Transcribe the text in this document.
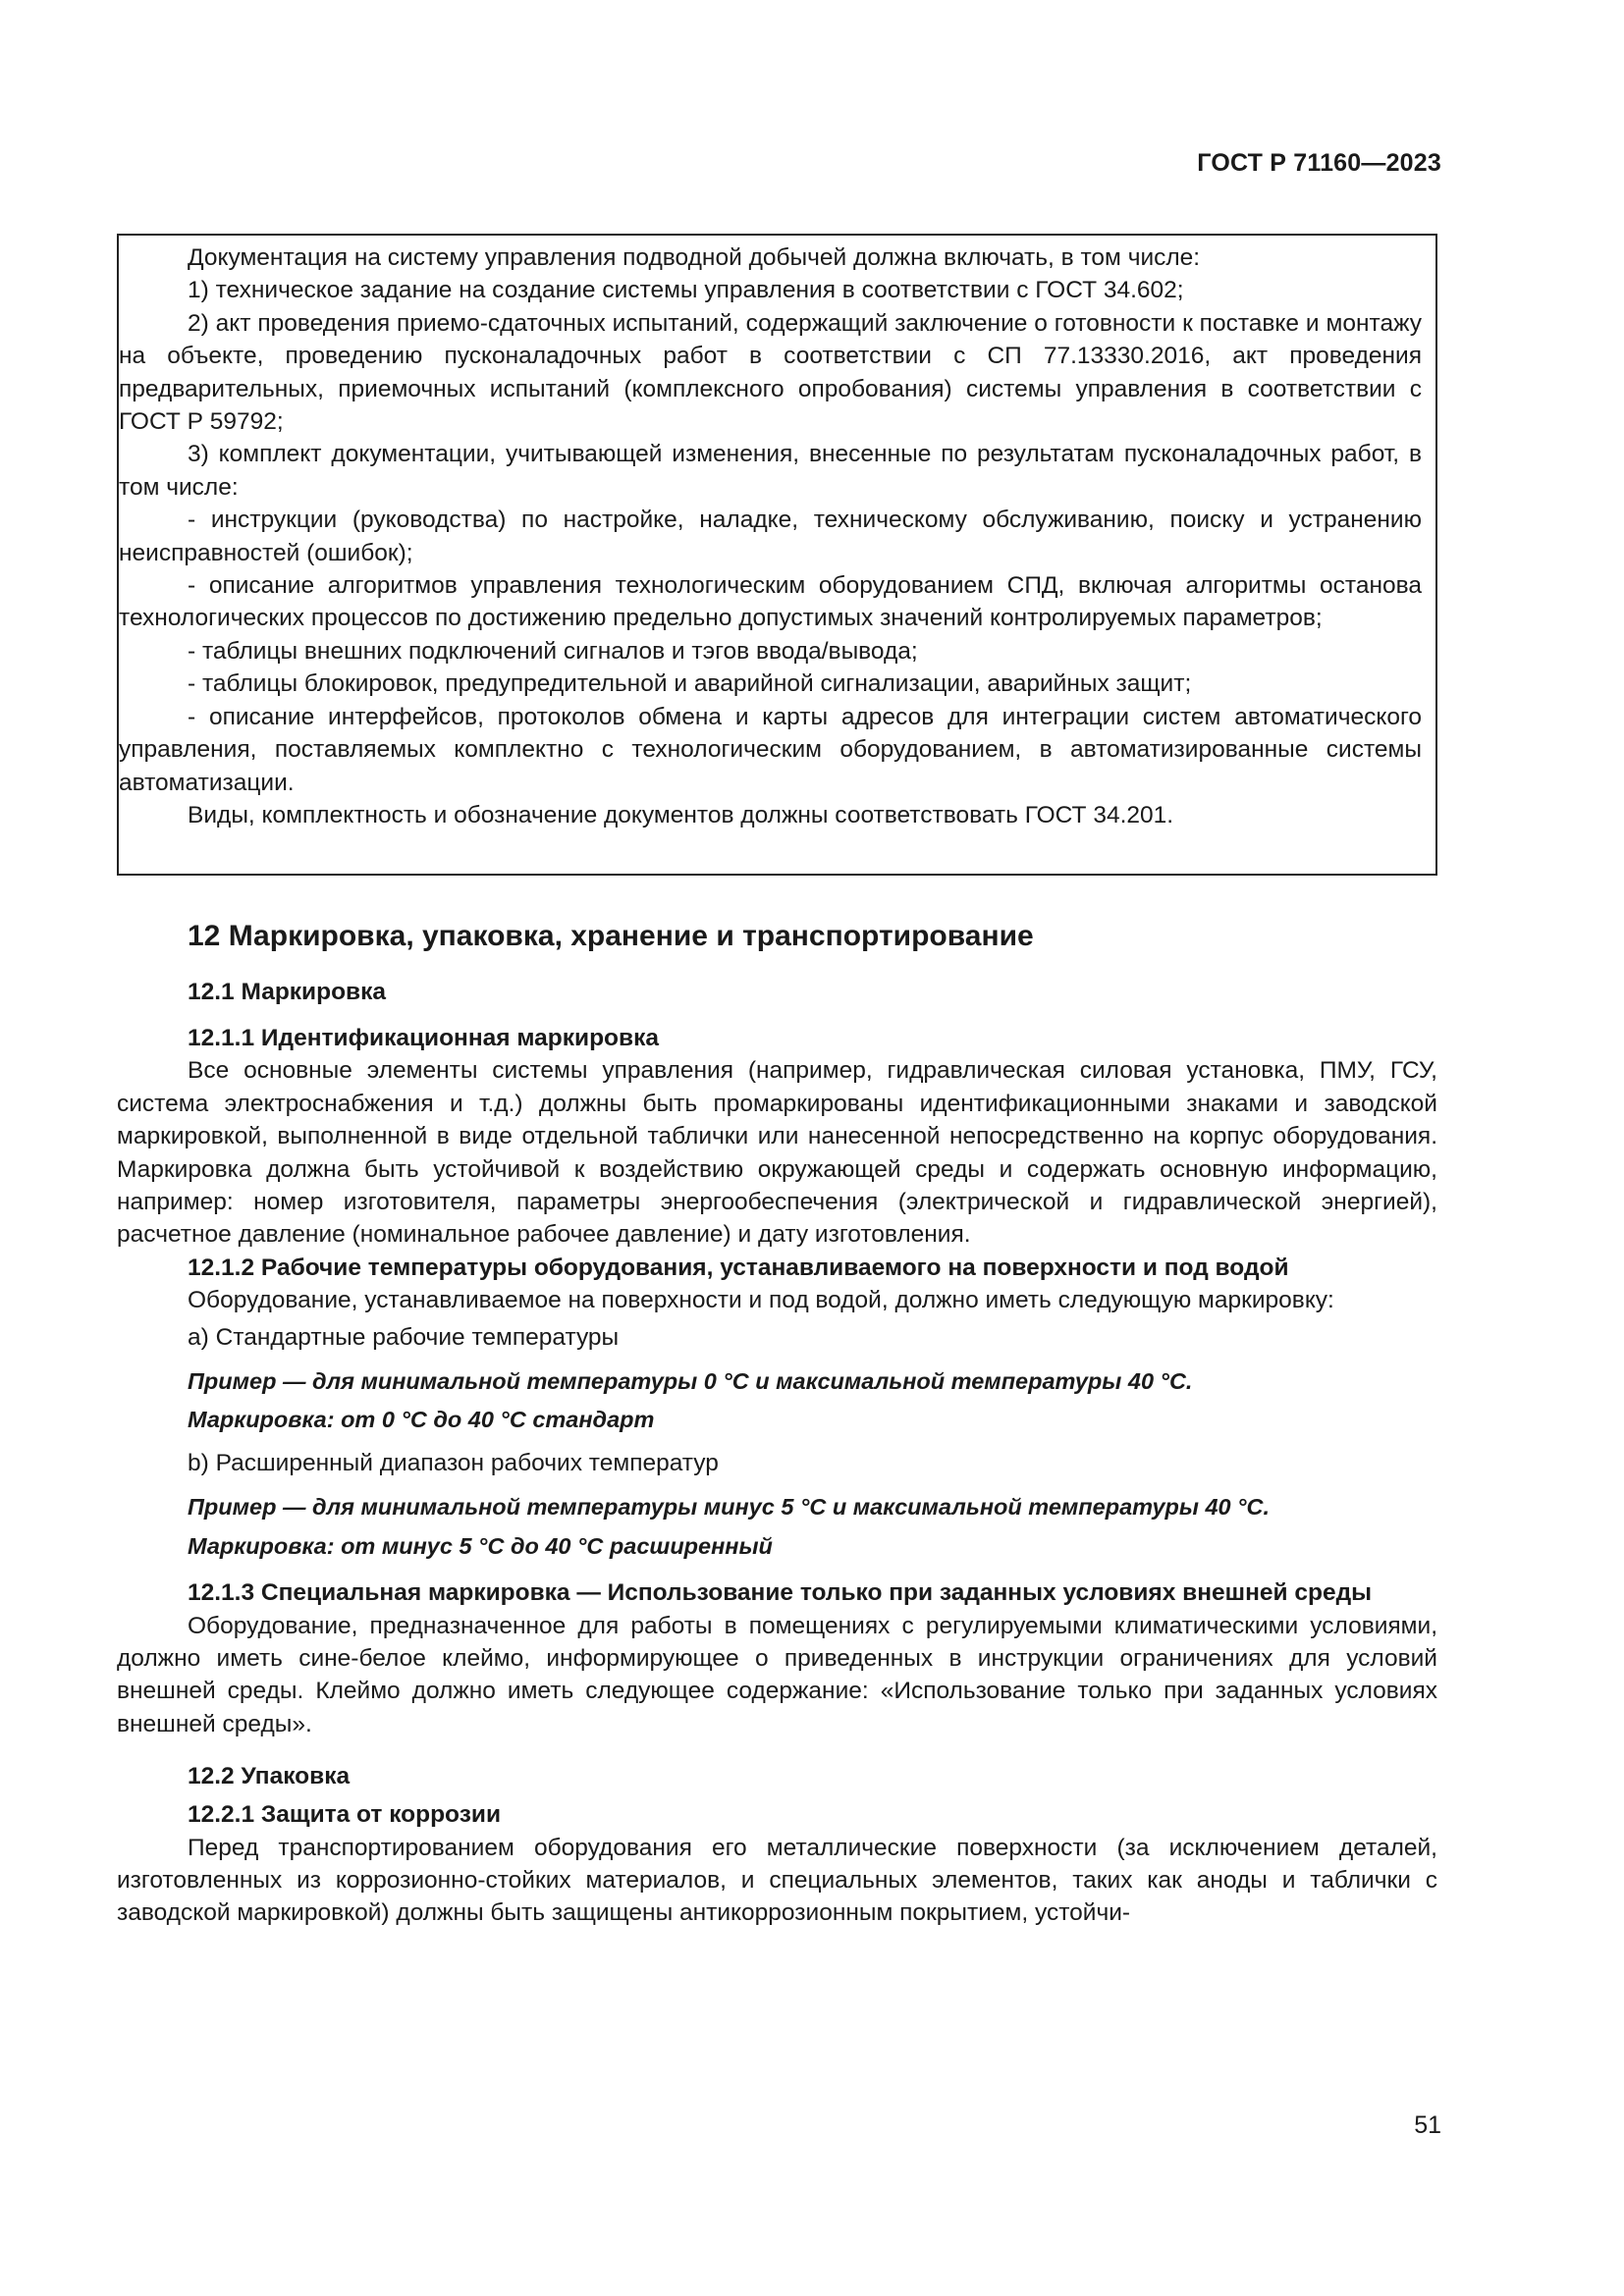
ГОСТ Р 71160—2023

Документация на систему управления подводной добычей должна включать, в том числе:

1) техническое задание на создание системы управления в соответствии с ГОСТ 34.602;

2) акт проведения приемо-сдаточных испытаний, содержащий заключение о готовности к поставке и монтажу на объекте, проведению пусконаладочных работ в соответствии с СП 77.13330.2016, акт проведения предварительных, приемочных испытаний (комплексного опробования) системы управления в соответствии с ГОСТ Р 59792;

3) комплект документации, учитывающей изменения, внесенные по результатам пусконаладочных работ, в том числе:

- инструкции (руководства) по настройке, наладке, техническому обслуживанию, поиску и устранению неисправностей (ошибок);

- описание алгоритмов управления технологическим оборудованием СПД, включая алгоритмы останова технологических процессов по достижению предельно допустимых значений контролируемых параметров;

- таблицы внешних подключений сигналов и тэгов ввода/вывода;

- таблицы блокировок, предупредительной и аварийной сигнализации, аварийных защит;

- описание интерфейсов, протоколов обмена и карты адресов для интеграции систем автоматического управления, поставляемых комплектно с технологическим оборудованием, в автоматизированные системы автоматизации.

Виды, комплектность и обозначение документов должны соответствовать ГОСТ 34.201.

12 Маркировка, упаковка, хранение и транспортирование
12.1 Маркировка
12.1.1 Идентификационная маркировка

Все основные элементы системы управления (например, гидравлическая силовая установка, ПМУ, ГСУ, система электроснабжения и т.д.) должны быть промаркированы идентификационными знаками и заводской маркировкой, выполненной в виде отдельной таблички или нанесенной непосредственно на корпус оборудования. Маркировка должна быть устойчивой к воздействию окружающей среды и содержать основную информацию, например: номер изготовителя, параметры энергообеспечения (электрической и гидравлической энергией), расчетное давление (номинальное рабочее давление) и дату изготовления.

12.1.2 Рабочие температуры оборудования, устанавливаемого на поверхности и под водой

Оборудование, устанавливаемое на поверхности и под водой, должно иметь следующую маркировку:

a) Стандартные рабочие температуры

Пример — для минимальной температуры 0 °C и максимальной температуры 40 °C.

Маркировка: от 0 °C до 40 °C стандарт

b) Расширенный диапазон рабочих температур

Пример — для минимальной температуры минус 5 °C и максимальной температуры 40 °C.

Маркировка: от минус 5 °C до 40 °C расширенный

12.1.3 Специальная маркировка — Использование только при заданных условиях внешней среды

Оборудование, предназначенное для работы в помещениях с регулируемыми климатическими условиями, должно иметь сине-белое клеймо, информирующее о приведенных в инструкции ограничениях для условий внешней среды. Клеймо должно иметь следующее содержание: «Использование только при заданных условиях внешней среды».

12.2 Упаковка
12.2.1 Защита от коррозии

Перед транспортированием оборудования его металлические поверхности (за исключением деталей, изготовленных из коррозионно-стойких материалов, и специальных элементов, таких как аноды и таблички с заводской маркировкой) должны быть защищены антикоррозионным покрытием, устойчи-

51
